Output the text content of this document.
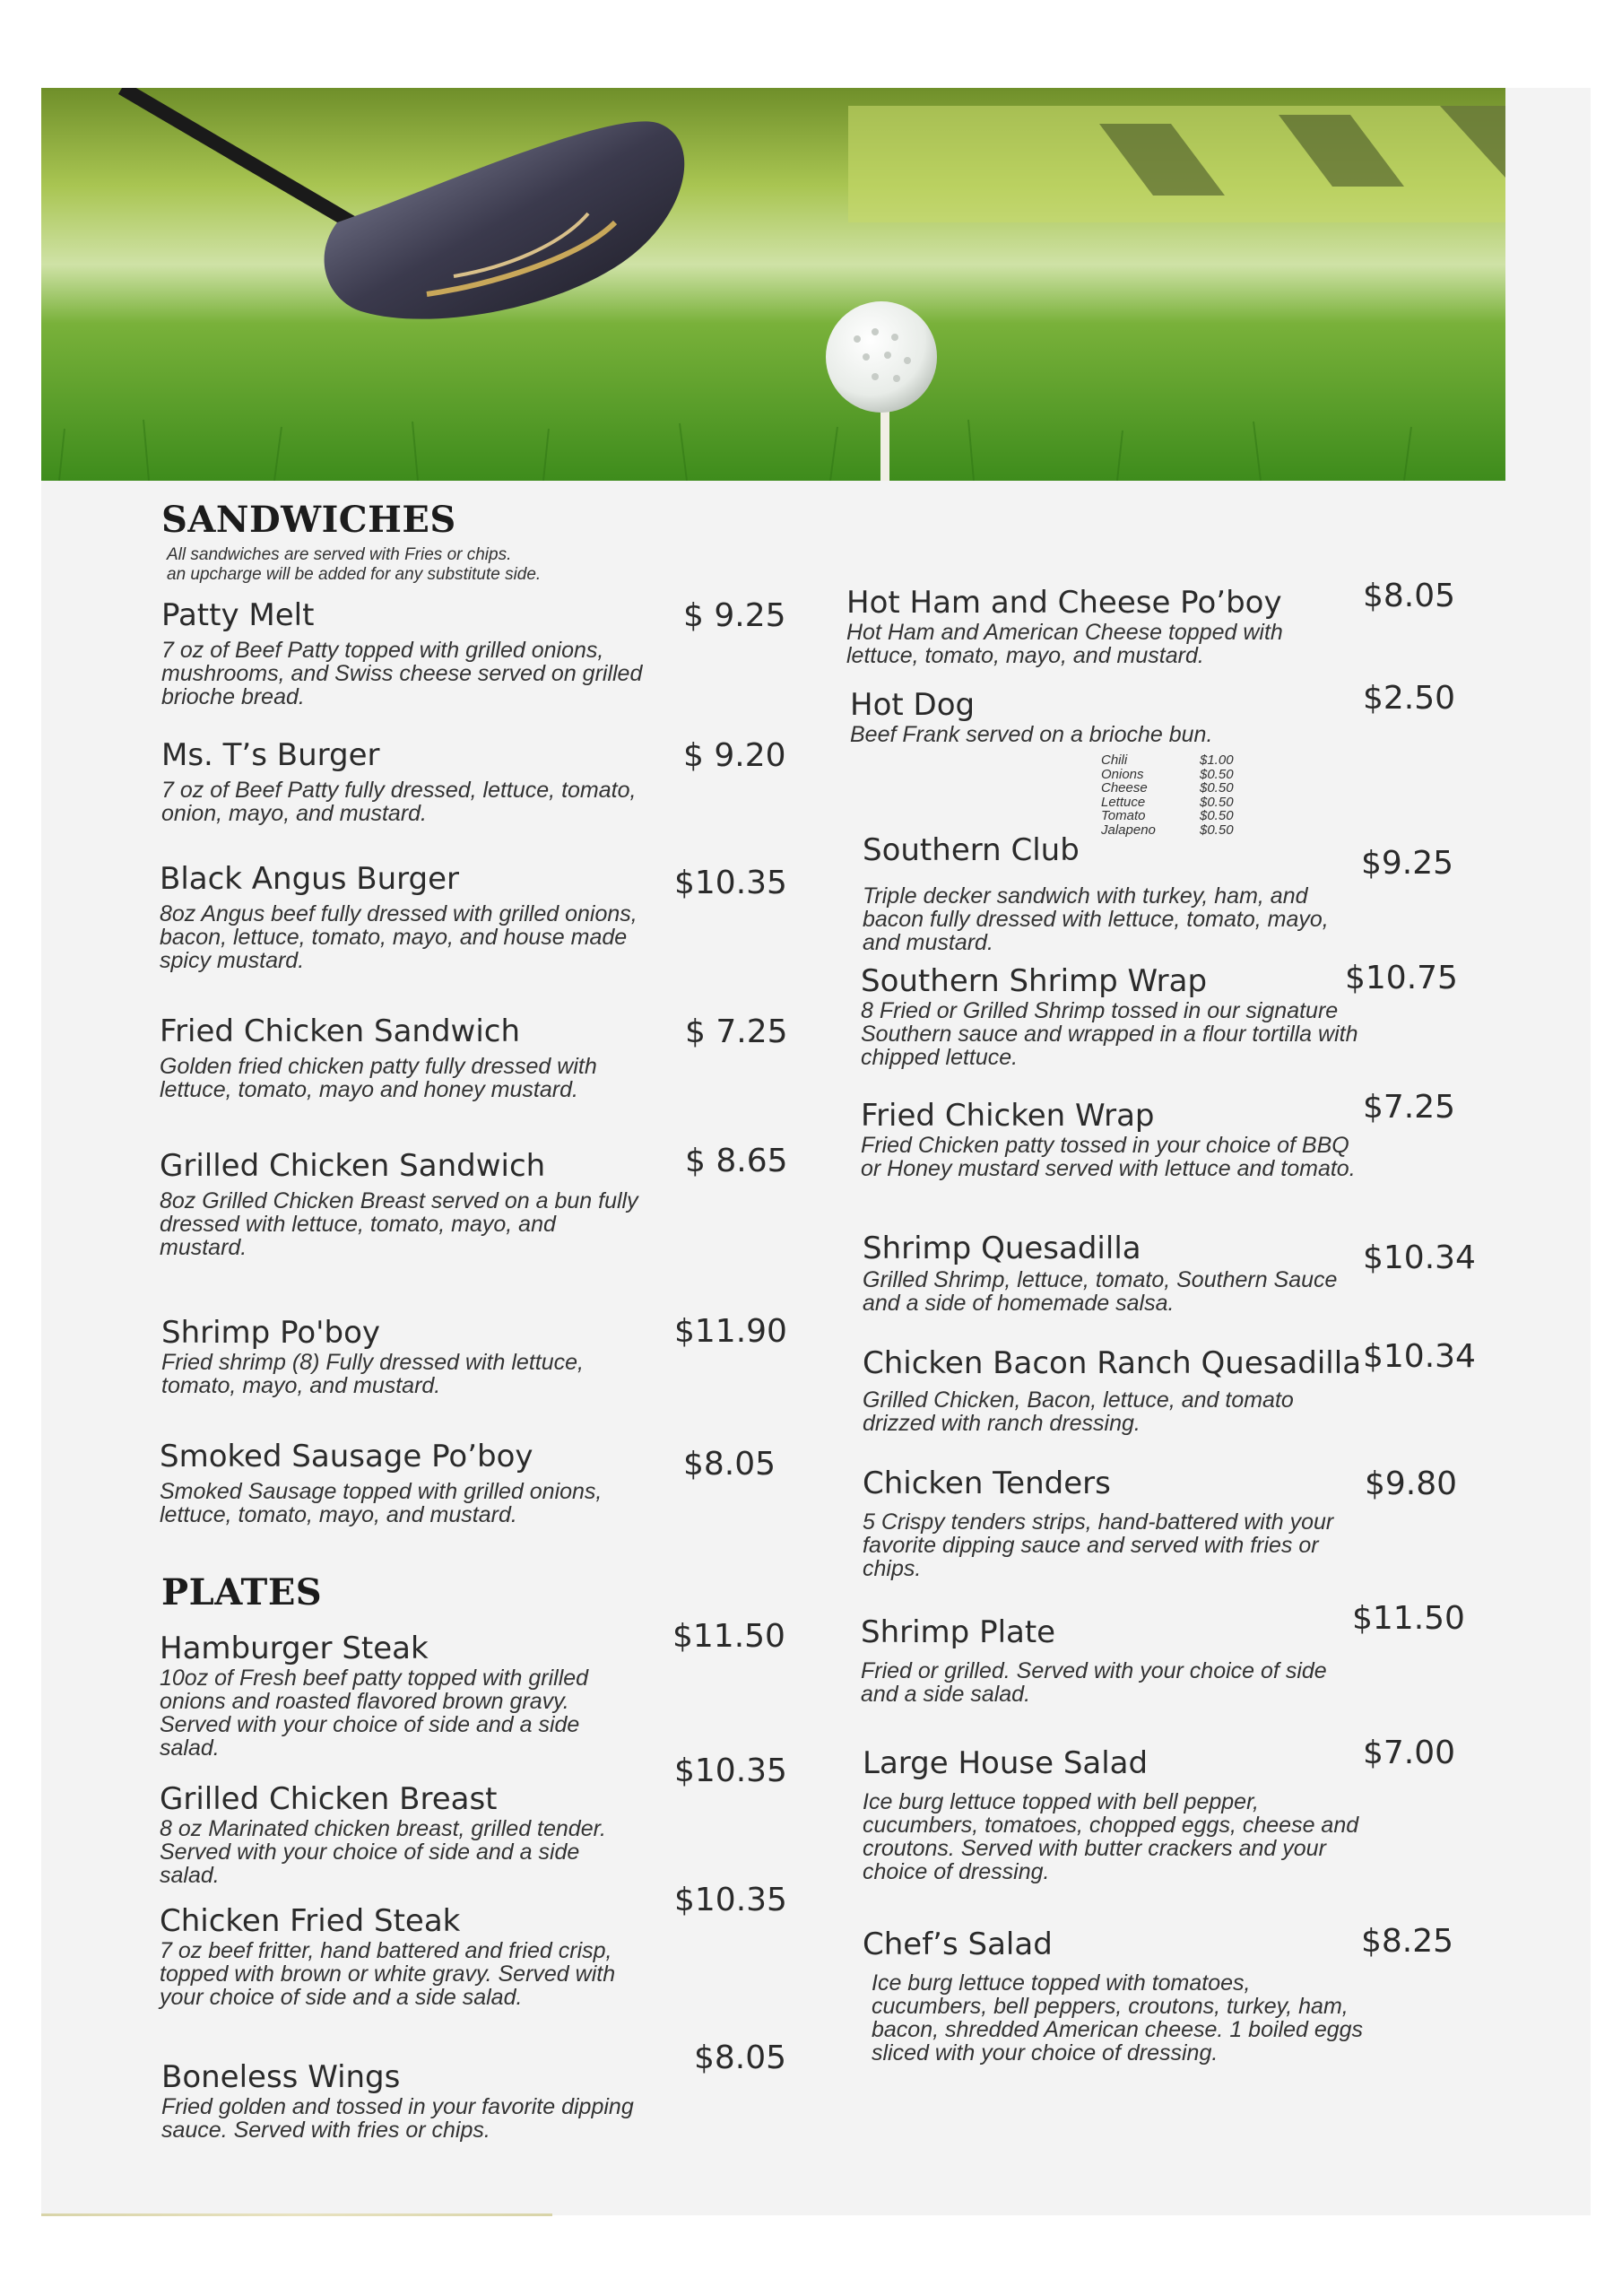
SANDWICHES
All sandwiches are served with Fries or chips.
an upcharge will be added for any substitute side.
Patty Melt
7 oz of Beef Patty topped with grilled onions, mushrooms, and Swiss cheese served on grilled brioche bread.
$ 9.25
Ms. T’s Burger
7 oz of Beef Patty fully dressed, lettuce, tomato, onion, mayo, and mustard.
$ 9.20
Black Angus Burger
8oz Angus beef fully dressed with grilled onions, bacon, lettuce, tomato, mayo, and house made spicy mustard.
$10.35
Fried Chicken Sandwich
Golden fried chicken patty fully dressed with lettuce, tomato, mayo and honey mustard.
$ 7.25
Grilled Chicken Sandwich
8oz Grilled Chicken Breast served on a bun fully dressed with lettuce, tomato, mayo, and mustard.
$ 8.65
Shrimp Po'boy
Fried shrimp (8) Fully dressed with lettuce, tomato, mayo, and mustard.
$11.90
Smoked Sausage Po’boy
Smoked Sausage topped with grilled onions, lettuce, tomato, mayo, and mustard.
$8.05
PLATES
Hamburger Steak
10oz of Fresh beef patty topped with grilled onions and roasted flavored brown gravy. Served with your choice of side and a side salad.
$11.50
Grilled Chicken Breast
8 oz Marinated chicken breast, grilled tender. Served with your choice of side and a side salad.
$10.35
Chicken Fried Steak
7 oz beef fritter, hand battered and fried crisp, topped with brown or white gravy. Served with your choice of side and a side salad.
$10.35
Boneless Wings
Fried golden and tossed in your favorite dipping sauce. Served with fries or chips.
$8.05
Hot Ham and Cheese Po’boy
Hot Ham and American Cheese topped with lettuce, tomato, mayo, and mustard.
$8.05
Hot Dog
Beef Frank served on a brioche bun.
$2.50
Chili	$1.00
Onions	$0.50
Cheese	$0.50
Lettuce	$0.50
Tomato	$0.50
Jalapeno	$0.50
Southern Club
Triple decker sandwich with turkey, ham, and bacon fully dressed with lettuce, tomato, mayo, and mustard.
$9.25
Southern Shrimp Wrap
8 Fried or Grilled Shrimp tossed in our signature Southern sauce and wrapped in a flour tortilla with chipped lettuce.
$10.75
Fried Chicken Wrap
Fried Chicken patty tossed in your choice of BBQ or Honey mustard served with lettuce and tomato.
$7.25
Shrimp Quesadilla
Grilled Shrimp, lettuce, tomato, Southern Sauce and a side of homemade salsa.
$10.34
Chicken Bacon Ranch Quesadilla
Grilled Chicken, Bacon, lettuce, and tomato drizzed with ranch dressing.
$10.34
Chicken Tenders
5 Crispy tenders strips, hand-battered with your favorite dipping sauce and served with fries or chips.
$9.80
Shrimp Plate
Fried or grilled. Served with your choice of side and a side salad.
$11.50
Large House Salad
Ice burg lettuce topped with bell pepper, cucumbers, tomatoes, chopped eggs, cheese and croutons. Served with butter crackers and your choice of dressing.
$7.00
Chef’s Salad
Ice burg lettuce topped with tomatoes, cucumbers, bell peppers, croutons, turkey, ham, bacon, shredded American cheese. 1 boiled eggs sliced with your choice of dressing.
$8.25
